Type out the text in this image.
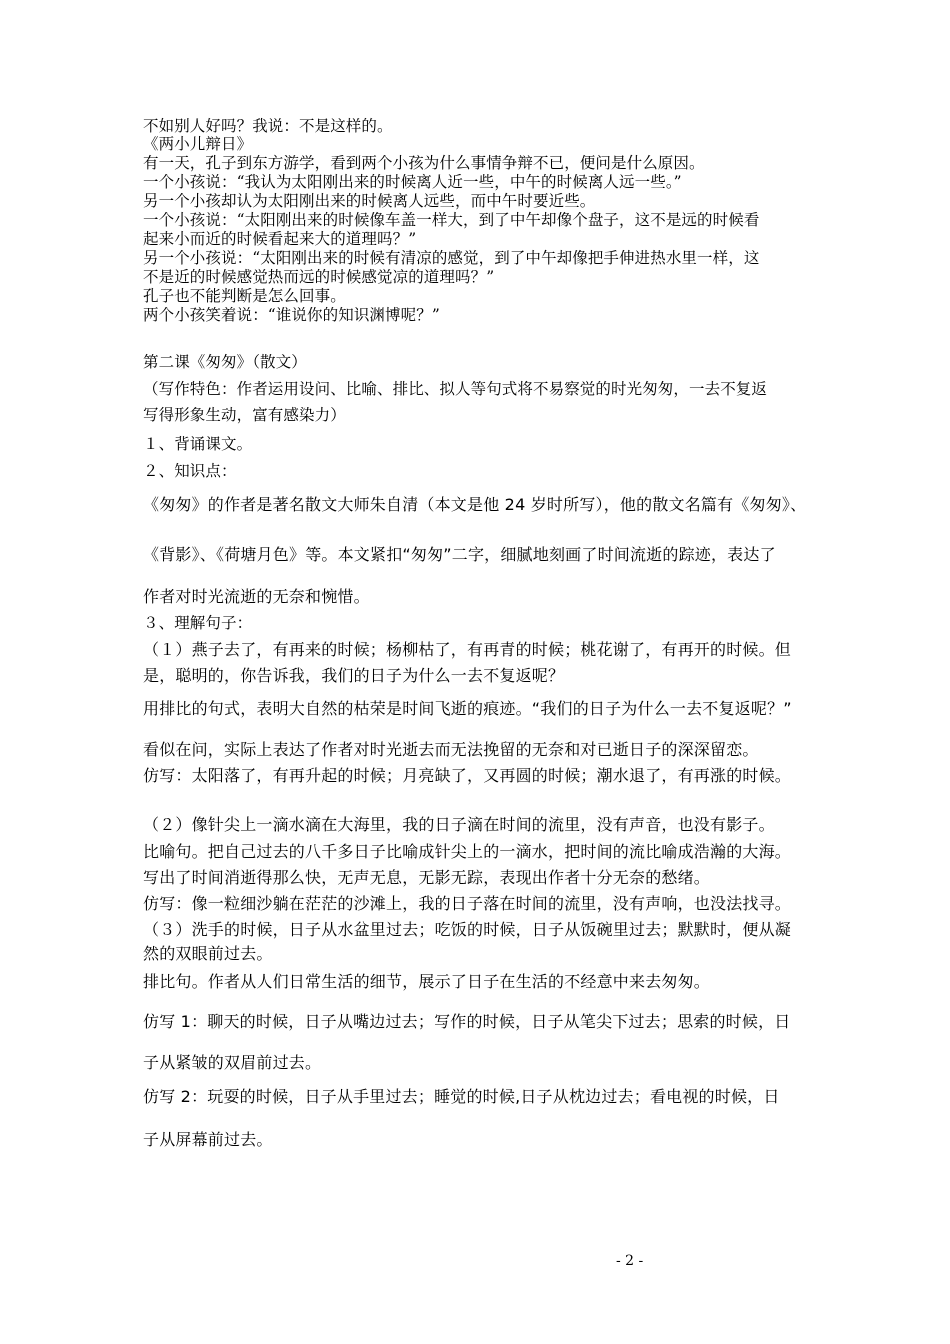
不如别人好吗？我说：不是这样的。
《两小儿辩日》
有一天，孔子到东方游学，看到两个小孩为什么事情争辩不已，便问是什么原因。
一个小孩说：“我认为太阳刚出来的时候离人近一些，中午的时候离人远一些。”
另一个小孩却认为太阳刚出来的时候离人远些，而中午时要近些。
一个小孩说：“太阳刚出来的时候像车盖一样大，到了中午却像个盘子，这不是远的时候看
起来小而近的时候看起来大的道理吗？”
另一个小孩说：“太阳刚出来的时候有清凉的感觉，到了中午却像把手伸进热水里一样，这
不是近的时候感觉热而远的时候感觉凉的道理吗？”
孔子也不能判断是怎么回事。
两个小孩笑着说：“谁说你的知识渊博呢？”
第二课《匆匆》（散文）
（写作特色：作者运用设问、比喻、排比、拟人等句式将不易察觉的时光匆匆，一去不复返
写得形象生动，富有感染力）
１、背诵课文。
２、知识点：
《匆匆》的作者是著名散文大师朱自清（本文是他 24 岁时所写），他的散文名篇有《匆匆》、
《背影》、《荷塘月色》等。本文紧扣“匆匆”二字，细腻地刻画了时间流逝的踪迹，表达了
作者对时光流逝的无奈和惋惜。
３、理解句子：
（１）燕子去了，有再来的时候；杨柳枯了，有再青的时候；桃花谢了，有再开的时候。但
是，聪明的，你告诉我，我们的日子为什么一去不复返呢？
用排比的句式，表明大自然的枯荣是时间飞逝的痕迹。“我们的日子为什么一去不复返呢？”
看似在问，实际上表达了作者对时光逝去而无法挽留的无奈和对已逝日子的深深留恋。
仿写：太阳落了，有再升起的时候；月亮缺了，又再圆的时候；潮水退了，有再涨的时候。
（２）像针尖上一滴水滴在大海里，我的日子滴在时间的流里，没有声音，也没有影子。
比喻句。把自己过去的八千多日子比喻成针尖上的一滴水，把时间的流比喻成浩瀚的大海。
写出了时间消逝得那么快，无声无息，无影无踪，表现出作者十分无奈的愁绪。
仿写：像一粒细沙躺在茫茫的沙滩上，我的日子落在时间的流里，没有声响，也没法找寻。
（３）洗手的时候，日子从水盆里过去；吃饭的时候，日子从饭碗里过去；默默时，便从凝
然的双眼前过去。
排比句。作者从人们日常生活的细节，展示了日子在生活的不经意中来去匆匆。
仿写 1：聊天的时候，日子从嘴边过去；写作的时候，日子从笔尖下过去；思索的时候，日
子从紧皱的双眉前过去。
仿写 2：玩耍的时候，日子从手里过去；睡觉的时候,日子从枕边过去；看电视的时候，日
子从屏幕前过去。
- 2 -
